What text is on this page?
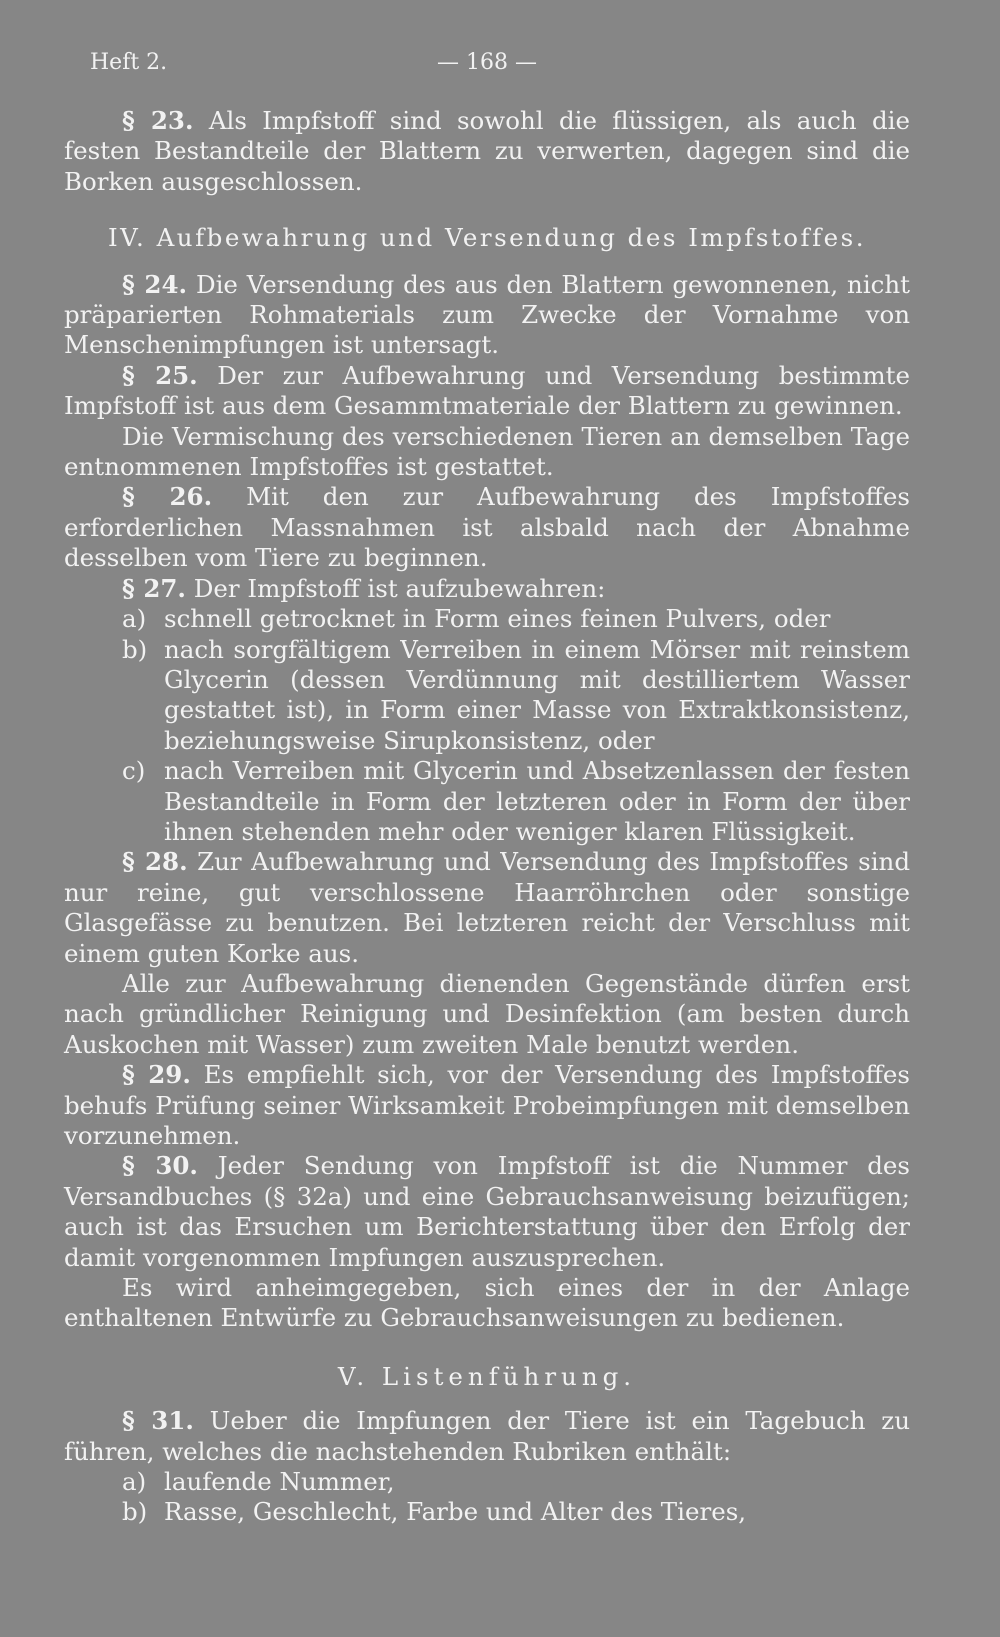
Heft 2.	— 168 —

§ 23. Als Impfstoff sind sowohl die flüssigen, als auch die festen Bestandteile der Blattern zu verwerten, dagegen sind die Borken ausgeschlossen.

IV. Aufbewahrung und Versendung des Impfstoffes.

§ 24. Die Versendung des aus den Blattern gewonnenen, nicht präparierten Rohmaterials zum Zwecke der Vornahme von Menschenimpfungen ist untersagt.

§ 25. Der zur Aufbewahrung und Versendung bestimmte Impfstoff ist aus dem Gesammtmateriale der Blattern zu gewinnen.

Die Vermischung des verschiedenen Tieren an demselben Tage entnommenen Impfstoffes ist gestattet.

§ 26. Mit den zur Aufbewahrung des Impfstoffes erforderlichen Massnahmen ist alsbald nach der Abnahme desselben vom Tiere zu beginnen.

§ 27. Der Impfstoff ist aufzubewahren:

a) schnell getrocknet in Form eines feinen Pulvers, oder
b) nach sorgfältigem Verreiben in einem Mörser mit reinstem Glycerin (dessen Verdünnung mit destilliertem Wasser gestattet ist), in Form einer Masse von Extraktkonsistenz, beziehungsweise Sirupkonsistenz, oder
c) nach Verreiben mit Glycerin und Absetzenlassen der festen Bestandteile in Form der letzteren oder in Form der über ihnen stehenden mehr oder weniger klaren Flüssigkeit.

§ 28. Zur Aufbewahrung und Versendung des Impfstoffes sind nur reine, gut verschlossene Haarröhrchen oder sonstige Glasgefässe zu benutzen. Bei letzteren reicht der Verschluss mit einem guten Korke aus.

Alle zur Aufbewahrung dienenden Gegenstände dürfen erst nach gründlicher Reinigung und Desinfektion (am besten durch Auskochen mit Wasser) zum zweiten Male benutzt werden.

§ 29. Es empfiehlt sich, vor der Versendung des Impfstoffes behufs Prüfung seiner Wirksamkeit Probeimpfungen mit demselben vorzunehmen.

§ 30. Jeder Sendung von Impfstoff ist die Nummer des Versandbuches (§ 32a) und eine Gebrauchsanweisung beizufügen; auch ist das Ersuchen um Berichterstattung über den Erfolg der damit vorgenommen Impfungen auszusprechen.

Es wird anheimgegeben, sich eines der in der Anlage enthaltenen Entwürfe zu Gebrauchsanweisungen zu bedienen.

V. Listenführung.

§ 31. Ueber die Impfungen der Tiere ist ein Tagebuch zu führen, welches die nachstehenden Rubriken enthält:

a) laufende Nummer,
b) Rasse, Geschlecht, Farbe und Alter des Tieres,
